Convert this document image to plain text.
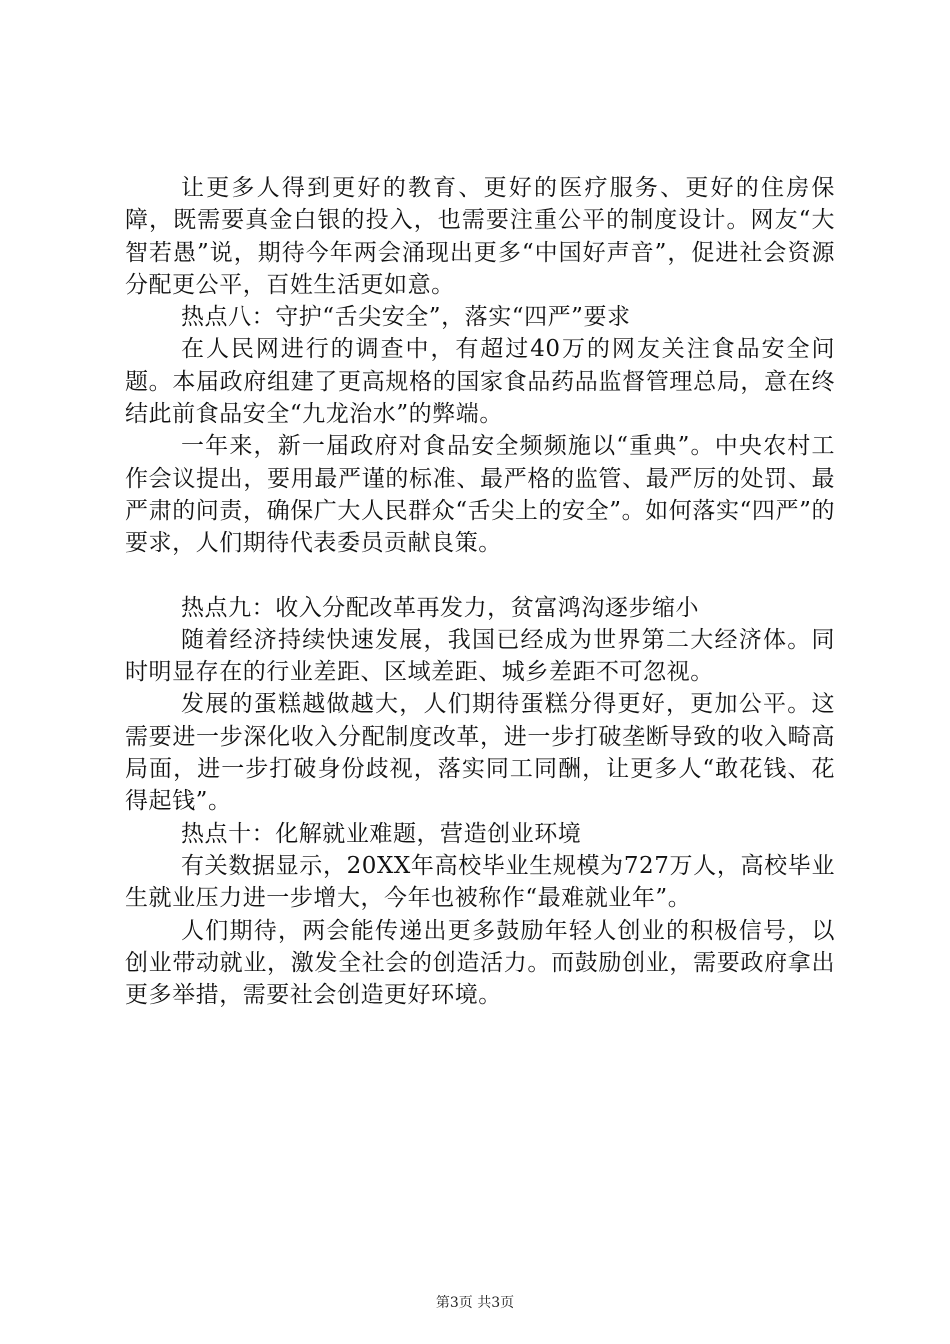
让更多人得到更好的教育、更好的医疗服务、更好的住房保障，既需要真金白银的投入，也需要注重公平的制度设计。网友“大智若愚”说，期待今年两会涌现出更多“中国好声音”，促进社会资源分配更公平，百姓生活更如意。

热点八：守护“舌尖安全”，落实“四严”要求

在人民网进行的调查中，有超过40万的网友关注食品安全问题。本届政府组建了更高规格的国家食品药品监督管理总局，意在终结此前食品安全“九龙治水”的弊端。

一年来，新一届政府对食品安全频频施以“重典”。中央农村工作会议提出，要用最严谨的标准、最严格的监管、最严厉的处罚、最严肃的问责，确保广大人民群众“舌尖上的安全”。如何落实“四严”的要求，人们期待代表委员贡献良策。

热点九：收入分配改革再发力，贫富鸿沟逐步缩小

随着经济持续快速发展，我国已经成为世界第二大经济体。同时明显存在的行业差距、区域差距、城乡差距不可忽视。

发展的蛋糕越做越大，人们期待蛋糕分得更好，更加公平。这需要进一步深化收入分配制度改革，进一步打破垄断导致的收入畸高局面，进一步打破身份歧视，落实同工同酬，让更多人“敢花钱、花得起钱”。

热点十：化解就业难题，营造创业环境

有关数据显示，20XX年高校毕业生规模为727万人，高校毕业生就业压力进一步增大，今年也被称作“最难就业年”。

人们期待，两会能传递出更多鼓励年轻人创业的积极信号，以创业带动就业，激发全社会的创造活力。而鼓励创业，需要政府拿出更多举措，需要社会创造更好环境。

第3页 共3页
